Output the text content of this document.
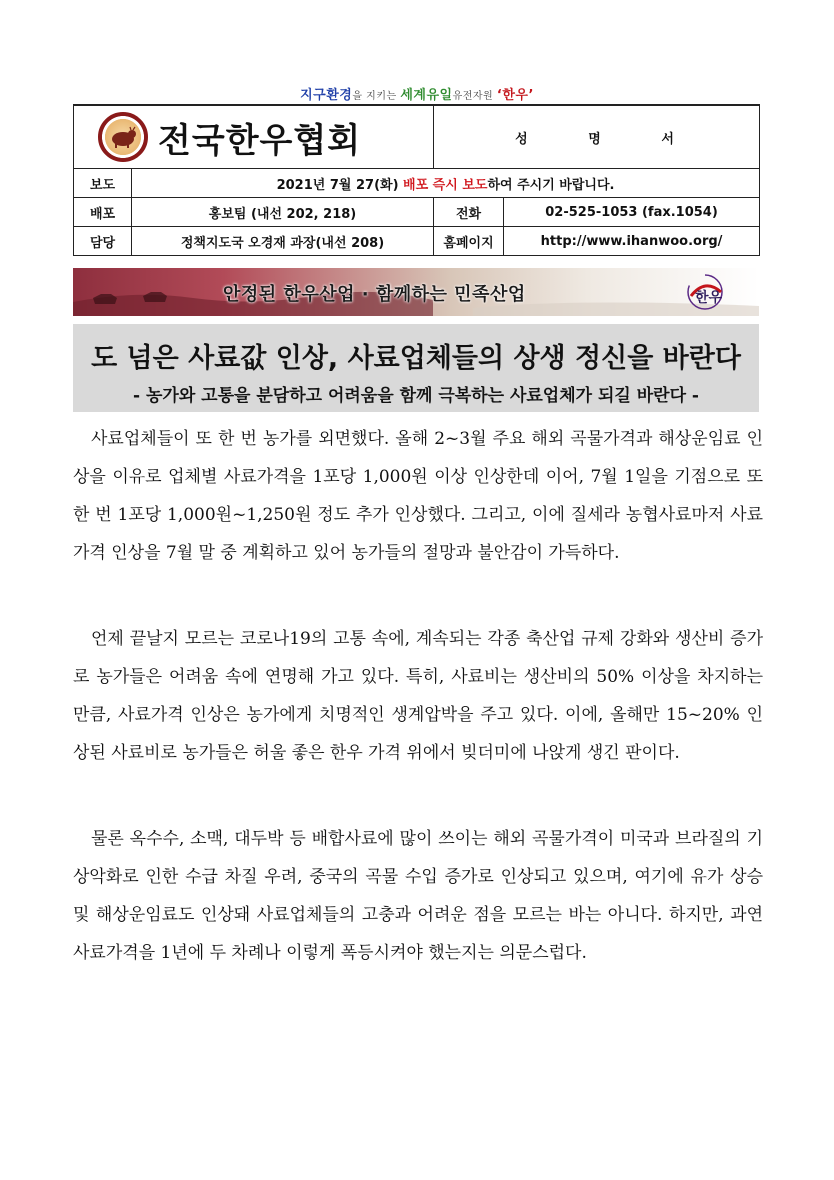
지구환경을 지키는 세계유일유전자원 ‘한우’
전국한우협회		성 명 서	
보도	2021년 7월 27(화) 배포 즉시 보도하여 주시기 바랍니다.		
배포	홍보팀 (내선 202, 218)	전화	02-525-1053 (fax.1054)
담당	정책지도국 오경재 과장(내선 208)	홈페이지	http://www.ihanwoo.org/
안정된 한우산업 · 함께하는 민족산업	한우
도 넘은 사료값 인상, 사료업체들의 상생 정신을 바란다
- 농가와 고통을 분담하고 어려움을 함께 극복하는 사료업체가 되길 바란다 -

사료업체들이 또 한 번 농가를 외면했다. 올해 2~3월 주요 해외 곡물가격과 해상운임료 인상을 이유로 업체별 사료가격을 1포당 1,000원 이상 인상한데 이어, 7월 1일을 기점으로 또 한 번 1포당 1,000원~1,250원 정도 추가 인상했다. 그리고, 이에 질세라 농협사료마저 사료가격 인상을 7월 말 중 계획하고 있어 농가들의 절망과 불안감이 가득하다.

언제 끝날지 모르는 코로나19의 고통 속에, 계속되는 각종 축산업 규제 강화와 생산비 증가로 농가들은 어려움 속에 연명해 가고 있다. 특히, 사료비는 생산비의 50% 이상을 차지하는 만큼, 사료가격 인상은 농가에게 치명적인 생계압박을 주고 있다. 이에, 올해만 15~20% 인상된 사료비로 농가들은 허울 좋은 한우 가격 위에서 빚더미에 나앉게 생긴 판이다.

물론 옥수수, 소맥, 대두박 등 배합사료에 많이 쓰이는 해외 곡물가격이 미국과 브라질의 기상악화로 인한 수급 차질 우려, 중국의 곡물 수입 증가로 인상되고 있으며, 여기에 유가 상승 및 해상운임료도 인상돼 사료업체들의 고충과 어려운 점을 모르는 바는 아니다. 하지만, 과연 사료가격을 1년에 두 차례나 이렇게 폭등시켜야 했는지는 의문스럽다.
